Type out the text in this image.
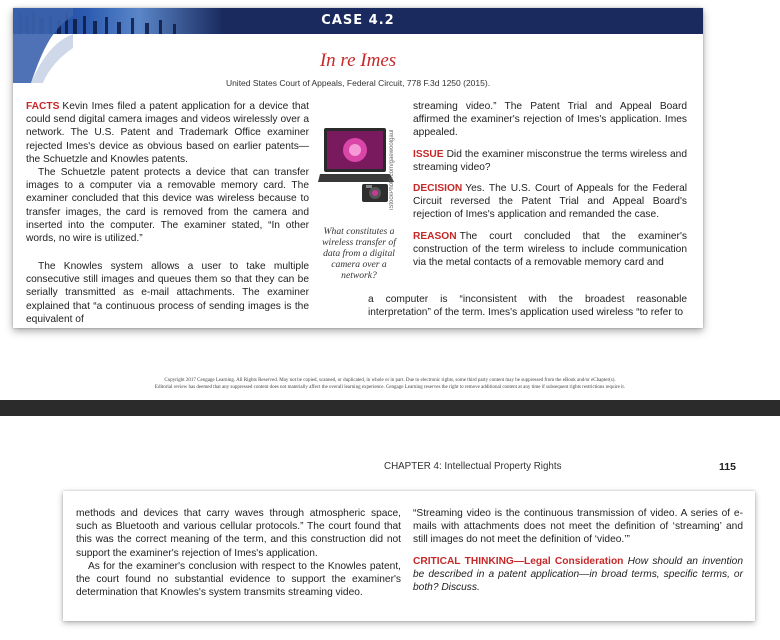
CASE 4.2
In re Imes
United States Court of Appeals, Federal Circuit, 778 F.3d 1250 (2015).

FACTS Kevin Imes filed a patent application for a device that could send digital camera images and videos wirelessly over a network. The U.S. Patent and Trademark Office examiner rejected Imes's device as obvious based on earlier patents—the Schuetzle and Knowles patents.

The Schuetzle patent protects a device that can transfer images to a computer via a removable memory card. The examiner concluded that this device was wireless because to transfer images, the card is removed from the camera and inserted into the computer. The examiner stated, “In other words, no wire is utilized.”

What constitutes a wireless transfer of data from a digital camera over a network?
iStockPhoto.com/gaewoolgaul

The Knowles system allows a user to take multiple consecutive still images and queues them so that they can be serially transmitted as e-mail attachments. The examiner explained that “a continuous process of sending images is the equivalent of

streaming video.” The Patent Trial and Appeal Board affirmed the examiner's rejection of Imes's application. Imes appealed.

ISSUE Did the examiner misconstrue the terms wireless and streaming video?

DECISION Yes. The U.S. Court of Appeals for the Federal Circuit reversed the Patent Trial and Appeal Board's rejection of Imes's application and remanded the case.

REASON The court concluded that the examiner's construction of the term wireless to include communication via the metal contacts of a removable memory card and

a computer is “inconsistent with the broadest reasonable interpretation” of the term. Imes's application used wireless “to refer to

Copyright 2017 Cengage Learning. All Rights Reserved. May not be copied, scanned, or duplicated, in whole or in part. Due to electronic rights, some third party content may be suppressed from the eBook and/or eChapter(s).
Editorial review has deemed that any suppressed content does not materially affect the overall learning experience. Cengage Learning reserves the right to remove additional content at any time if subsequent rights restrictions require it.
CHAPTER 4: Intellectual Property Rights	115

methods and devices that carry waves through atmospheric space, such as Bluetooth and various cellular protocols.” The court found that this was the correct meaning of the term, and this construction did not support the examiner's rejection of Imes's application.

As for the examiner's conclusion with respect to the Knowles patent, the court found no substantial evidence to support the examiner's determination that Knowles's system transmits streaming video.

“Streaming video is the continuous transmission of video. A series of e-mails with attachments does not meet the definition of ‘streaming’ and still images do not meet the definition of ‘video.’”

CRITICAL THINKING—Legal Consideration How should an invention be described in a patent application—in broad terms, specific terms, or both? Discuss.
